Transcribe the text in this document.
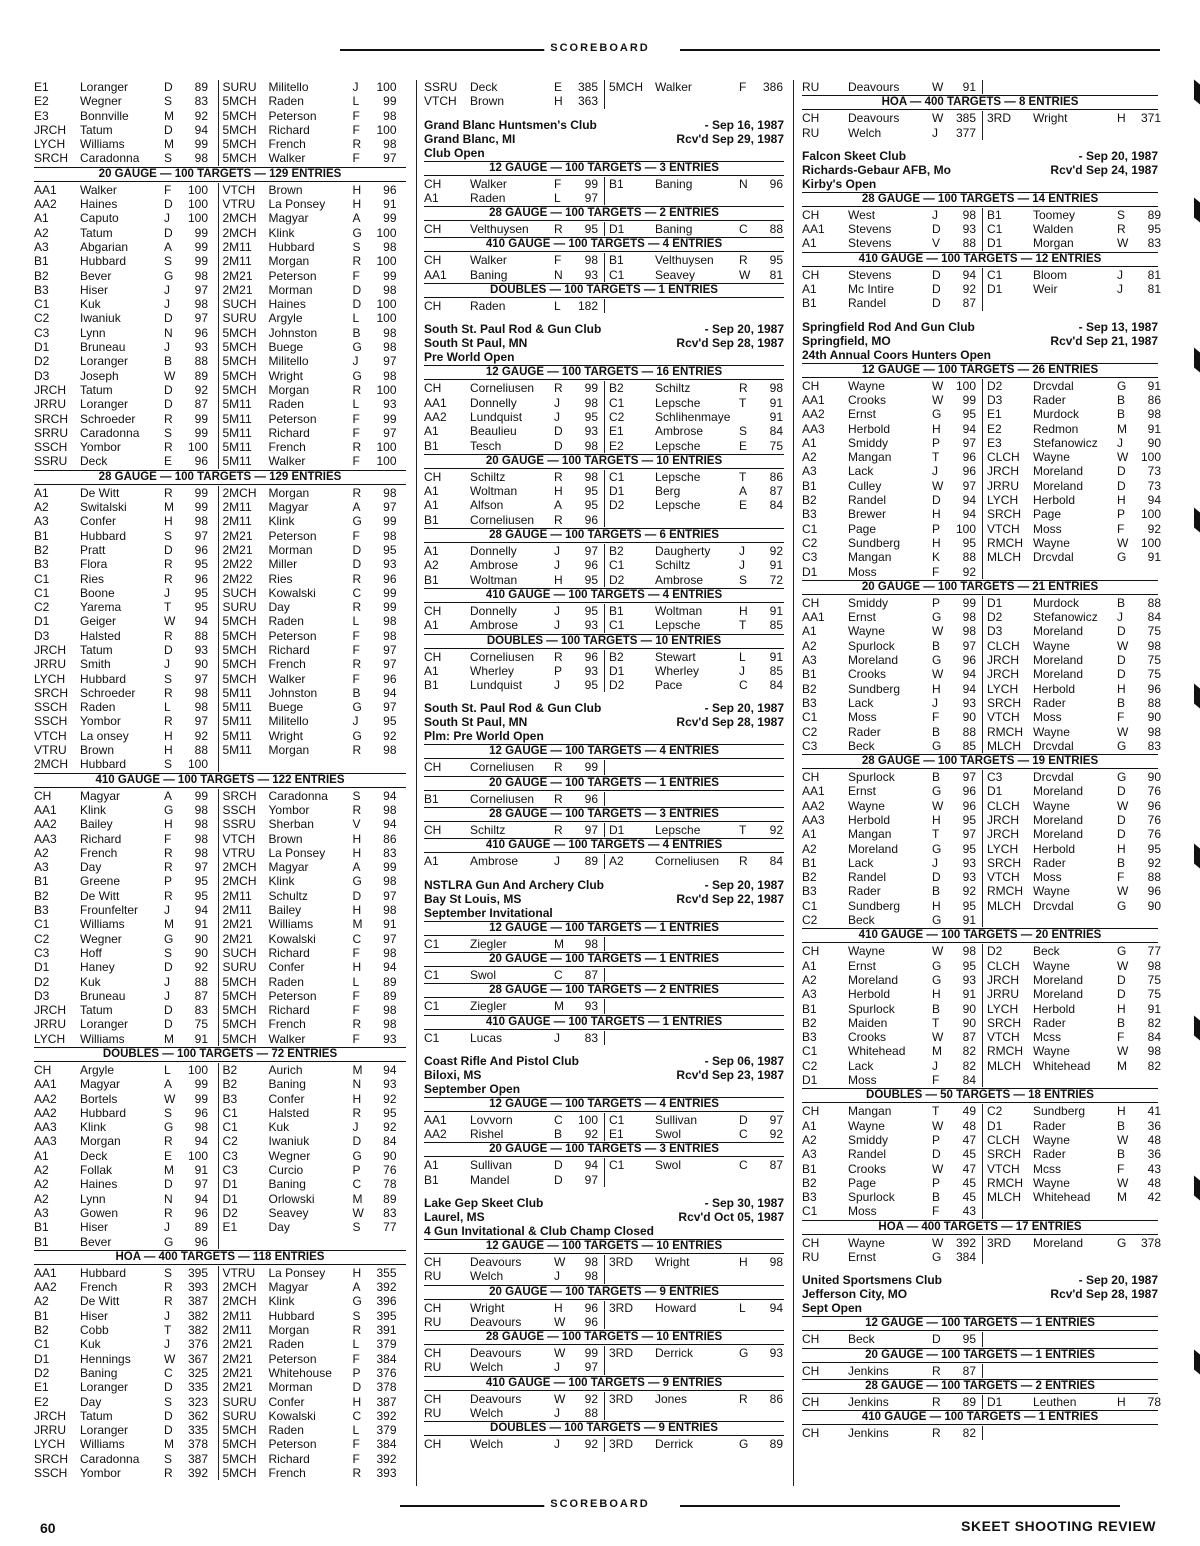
SCOREBOARD
E1	Loranger	D	89	SURU Militello	J	100
E2	Wegner	S	83	5MCH Raden	L	99
E3	Bonnville	M	92	5MCH Peterson	F	98
JRCH	Tatum	D	94	5MCH Richard	F	100
LYCH	Williams	M	99	5MCH French	R	98
SRCH Caradonna	S	98	5MCH Walker	F	97
20 GAUGE — 100 TARGETS — 129 ENTRIES
AA1	Walker	F	100	VTCH	Brown	H	96
AA2	Haines	D	100	VTRU	La Ponsey	H	91
A1	Caputo	J	100	2MCH Magyar	A	99
A2	Tatum	D	99	2MCH Klink	G	100
A3	Abgarian	A	99	2M11	Hubbard	S	98
B1	Hubbard	S	99	2M11	Morgan	R	100
B2	Bever	G	98	2M21	Peterson	F	99
B3	Hiser	J	97	2M21	Morman	D	98
C1	Kuk	J	98	SUCH Haines	D	100
C2	Iwaniuk	D	97	SURU Argyle	L	100
C3	Lynn	N	96	5MCH Johnston	B	98
D1	Bruneau	J	93	5MCH Buege	G	98
D2	Loranger	B	88	5MCH Militello	J	97
D3	Joseph	W	89	5MCH Wright	G	98
JRCH	Tatum	D	92	5MCH Morgan	R	100
JRRU	Loranger	D	87	5M11	Raden	L	93
SRCH Schroeder	R	99	5M11	Peterson	F	99
SRRU Caradonna	S	99	5M11	Richard	F	97
SSCH	Yombor	R	100	5M11	French	R	100
SSRU	Deck	E	96	5M11	Walker	F	100
28 GAUGE — 100 TARGETS — 129 ENTRIES
A1	De Witt	R	99	2MCH Morgan	R	98
A2	Switalski	M	99	2M11	Magyar	A	97
A3	Confer	H	98	2M11	Klink	G	99
B1	Hubbard	S	97	2M21	Peterson	F	98
B2	Pratt	D	96	2M21	Morman	D	95
B3	Flora	R	95	2M22	Miller	D	93
C1	Ries	R	96	2M22	Ries	R	96
C1	Boone	J	95	SUCH Kowalski	C	99
C2	Yarema	T	95	SURU Day	R	99
D1	Geiger	W	94	5MCH Raden	L	98
D3	Halsted	R	88	5MCH Peterson	F	98
JRCH	Tatum	D	93	5MCH Richard	F	97
JRRU	Smith	J	90	5MCH French	R	97
LYCH	Hubbard	S	97	5MCH Walker	F	96
SRCH Schroeder	R	98	5M11	Johnston	B	94
SSCH	Raden	L	98	5M11	Buege	G	97
SSCH	Yombor	R	97	5M11	Militello	J	95
VTCH	La onsey	H	92	5M11	Wright	G	92
VTRU	Brown	H	88	5M11	Morgan	R	98
2MCH Hubbard	S	100
410 GAUGE — 100 TARGETS — 122 ENTRIES
CH	Magyar	A	99	SRCH Caradonna	S	94
AA1	Klink	G	98	SSCH	Yombor	R	98
AA2	Bailey	H	98	SSRU	Sherban	V	94
AA3	Richard	F	98	VTCH	Brown	H	86
A2	French	R	98	VTRU	La Ponsey	H	83
A3	Day	R	97	2MCH Magyar	A	99
B1	Greene	P	95	2MCH Klink	G	98
B2	De Witt	R	95	2M11	Schultz	D	97
B3	Frounfelter	J	94	2M11	Bailey	H	98
C1	Williams	M	91	2M21	Williams	M	91
C2	Wegner	G	90	2M21	Kowalski	C	97
C3	Hoff	S	90	SUCH Richard	F	98
D1	Haney	D	92	SURU Confer	H	94
D2	Kuk	J	88	5MCH Raden	L	89
D3	Bruneau	J	87	5MCH Peterson	F	89
JRCH	Tatum	D	83	5MCH Richard	F	98
JRRU	Loranger	D	75	5MCH French	R	98
LYCH	Williams	M	91	5MCH Walker	F	93
DOUBLES — 100 TARGETS — 72 ENTRIES
CH	Argyle	L	100	B2	Aurich	M	94
AA1	Magyar	A	99	B2	Baning	N	93
AA2	Bortels	W	99	B3	Confer	H	92
AA2	Hubbard	S	96	C1	Halsted	R	95
AA3	Klink	G	98	C1	Kuk	J	92
AA3	Morgan	R	94	C2	Iwaniuk	D	84
A1	Deck	E	100	C3	Wegner	G	90
A2	Follak	M	91	C3	Curcio	P	76
A2	Haines	D	97	D1	Baning	C	78
A2	Lynn	N	94	D1	Orlowski	M	89
A3	Gowen	R	96	D2	Seavey	W	83
B1	Hiser	J	89	E1	Day	S	77
B1	Bever	G	96
HOA — 400 TARGETS — 118 ENTRIES
AA1	Hubbard	S	395	VTRU	La Ponsey	H	355
AA2	French	R	393	2MCH Magyar	A	392
A2	De Witt	R	387	2MCH Klink	G	396
B1	Hiser	J	382	2M11	Hubbard	S	395
B2	Cobb	T	382	2M11	Morgan	R	391
C1	Kuk	J	376	2M21	Raden	L	379
D1	Hennings	W	367	2M21	Peterson	F	384
D2	Baning	C	325	2M21	Whitehouse	P	376
E1	Loranger	D	335	2M21	Morman	D	378
E2	Day	S	323	SURU Confer	H	387
JRCH	Tatum	D	362	SURU Kowalski	C	392
JRRU	Loranger	D	335	5MCH Raden	L	379
LYCH	Williams	M	378	5MCH Peterson	F	384
SRCH Caradonna	S	387	5MCH Richard	F	392
SSCH	Yombor	R	392	5MCH French	R	393
SSRU	Deck	E	385 5MCH Walker	F	386
VTCH	Brown	H	363
Grand Blanc Huntsmen's Club	- Sep 16, 1987
Grand Blanc, MI	Rcv'd Sep 29, 1987
Club Open
12 GAUGE — 100 TARGETS — 3 ENTRIES
CH	Walker	F	99 B1	Baning	N	96
A1	Raden	L	97
28 GAUGE — 100 TARGETS — 2 ENTRIES
CH	Velthuysen	R	95 D1	Baning	C	88
410 GAUGE — 100 TARGETS — 4 ENTRIES
CH	Walker	F	98 B1	Velthuysen	R	95
AA1	Baning	N	93 C1	Seavey	W	81
DOUBLES — 100 TARGETS — 1 ENTRIES
CH	Raden	L	182
South St. Paul Rod & Gun Club	- Sep 20, 1987
South St Paul, MN	Rcv'd Sep 28, 1987
Pre World Open
12 GAUGE — 100 TARGETS — 16 ENTRIES
CH	Corneliusen	R	99 B2	Schiltz	R	98
AA1	Donnelly	J	98 C1	Lepsche	T	91
AA2	Lundquist	J	95 C2	Schlihenmaye	91
A1	Beaulieu	D	93 E1	Ambrose	S	84
B1	Tesch	D	98 E2	Lepsche	E	75
20 GAUGE — 100 TARGETS — 10 ENTRIES
CH	Schiltz	R	98 C1	Lepsche	T	86
A1	Woltman	H	95 D1	Berg	A	87
A1	Alfson	A	95 D2	Lepsche	E	84
B1	Corneliusen	R	96
28 GAUGE — 100 TARGETS — 6 ENTRIES
A1	Donnelly	J	97 B2	Daugherty	J	92
A2	Ambrose	J	96 C1	Schiltz	J	91
B1	Woltman	H	95 D2	Ambrose	S	72
410 GAUGE — 100 TARGETS — 4 ENTRIES
CH	Donnelly	J	95 B1	Woltman	H	91
A1	Ambrose	J	93 C1	Lepsche	T	85
DOUBLES — 100 TARGETS — 10 ENTRIES
CH	Corneliusen	R	96 B2	Stewart	L	91
A1	Wherley	P	93 D1	Wherley	J	85
B1	Lundquist	J	95 D2	Pace	C	84
South St. Paul Rod & Gun Club	- Sep 20, 1987
South St Paul, MN	Rcv'd Sep 28, 1987
Plm: Pre World Open
12 GAUGE — 100 TARGETS — 4 ENTRIES
CH	Corneliusen	R	99
20 GAUGE — 100 TARGETS — 1 ENTRIES
B1	Corneliusen	R	96
28 GAUGE — 100 TARGETS — 3 ENTRIES
CH	Schiltz	R	97 D1	Lepsche	T	92
410 GAUGE — 100 TARGETS — 4 ENTRIES
A1	Ambrose	J	89 A2	Corneliusen	R	84
NSTLRA Gun And Archery Club	- Sep 20, 1987
Bay St Louis, MS	Rcv'd Sep 22, 1987
September Invitational
12 GAUGE — 100 TARGETS — 1 ENTRIES
C1	Ziegler	M	98
20 GAUGE — 100 TARGETS — 1 ENTRIES
C1	Swol	C	87
28 GAUGE — 100 TARGETS — 2 ENTRIES
C1	Ziegler	M	93
410 GAUGE — 100 TARGETS — 1 ENTRIES
C1	Lucas	J	83
Coast Rifle And Pistol Club	- Sep 06, 1987
Biloxi, MS	Rcv'd Sep 23, 1987
September Open
12 GAUGE — 100 TARGETS — 4 ENTRIES
AA1	Lovvorn	C	100 C1	Sullivan	D	97
AA2	Rishel	B	92 E1	Swol	C	92
20 GAUGE — 100 TARGETS — 3 ENTRIES
A1	Sullivan	D	94 C1	Swol	C	87
B1	Mandel	D	97
Lake Gep Skeet Club	- Sep 30, 1987
Laurel, MS	Rcv'd Oct 05, 1987
4 Gun Invitational & Club Champ Closed
12 GAUGE — 100 TARGETS — 10 ENTRIES
CH	Deavours	W	98 3RD	Wright	H	98
RU	Welch	J	98
20 GAUGE — 100 TARGETS — 9 ENTRIES
CH	Wright	H	96 3RD	Howard	L	94
RU	Deavours	W	96
28 GAUGE — 100 TARGETS — 10 ENTRIES
CH	Deavours	W	99 3RD	Derrick	G	93
RU	Welch	J	97
410 GAUGE — 100 TARGETS — 9 ENTRIES
CH	Deavours	W	92 3RD	Jones	R	86
RU	Welch	J	88
DOUBLES — 100 TARGETS — 9 ENTRIES
CH	Welch	J	92 3RD	Derrick	G	89
RU	Deavours	W	91
HOA — 400 TARGETS — 8 ENTRIES
CH	Deavours	W	385 3RD	Wright	H	371
RU	Welch	J	377
Falcon Skeet Club	- Sep 20, 1987
Richards-Gebaur AFB, Mo	Rcv'd Sep 24, 1987
Kirby's Open
28 GAUGE — 100 TARGETS — 14 ENTRIES
CH	West	J	98 B1	Toomey	S	89
AA1	Stevens	D	93 C1	Walden	R	95
A1	Stevens	V	88 D1	Morgan	W	83
410 GAUGE — 100 TARGETS — 12 ENTRIES
CH	Stevens	D	94 C1	Bloom	J	81
A1	Mc Intire	D	92 D1	Weir	J	81
B1	Randel	D	87
Springfield Rod And Gun Club	- Sep 13, 1987
Springfield, MO	Rcv'd Sep 21, 1987
24th Annual Coors Hunters Open
12 GAUGE — 100 TARGETS — 26 ENTRIES
CH	Wayne	W	100 D2	Drcvdal	G	91
AA1	Crooks	W	99 D3	Rader	B	86
AA2	Ernst	G	95 E1	Murdock	B	98
AA3	Herbold	H	94 E2	Redmon	M	91
A1	Smiddy	P	97 E3	Stefanowicz	J	90
A2	Mangan	T	96 CLCH	Wayne	W	100
A3	Lack	J	96 JRCH	Moreland	D	73
B1	Culley	W	97 JRRU	Moreland	D	73
B2	Randel	D	94 LYCH	Herbold	H	94
B3	Brewer	H	94 SRCH Page	P	100
C1	Page	P	100 VTCH	Moss	F	92
C2	Sundberg	H	95 RMCH Wayne	W	100
C3	Mangan	K	88 MLCH Drcvdal	G	91
D1	Moss	F	92
20 GAUGE — 100 TARGETS — 21 ENTRIES
CH	Smiddy	P	99 D1	Murdock	B	88
AA1	Ernst	G	98 D2	Stefanowicz	J	84
A1	Wayne	W	98 D3	Moreland	D	75
A2	Spurlock	B	97 CLCH	Wayne	W	98
A3	Moreland	G	96 JRCH	Moreland	D	75
B1	Crooks	W	94 JRCH	Moreland	D	75
B2	Sundberg	H	94 LYCH	Herbold	H	96
B3	Lack	J	93 SRCH Rader	B	88
C1	Moss	F	90 VTCH	Moss	F	90
C2	Rader	B	88 RMCH Wayne	W	98
C3	Beck	G	85 MLCH Drcvdal	G	83
28 GAUGE — 100 TARGETS — 19 ENTRIES
CH	Spurlock	B	97 C3	Drcvdal	G	90
AA1	Ernst	G	96 D1	Moreland	D	76
AA2	Wayne	W	96 CLCH	Wayne	W	96
AA3	Herbold	H	95 JRCH	Moreland	D	76
A1	Mangan	T	97 JRCH	Moreland	D	76
A2	Moreland	G	95 LYCH	Herbold	H	95
B1	Lack	J	93 SRCH Rader	B	92
B2	Randel	D	93 VTCH	Moss	F	88
B3	Rader	B	92 RMCH Wayne	W	96
C1	Sundberg	H	95 MLCH Drcvdal	G	90
C2	Beck	G	91
410 GAUGE — 100 TARGETS — 20 ENTRIES
CH	Wayne	W	98 D2	Beck	G	77
A1	Ernst	G	95 CLCH	Wayne	W	98
A2	Moreland	G	93 JRCH	Moreland	D	75
A3	Herbold	H	91 JRRU	Moreland	D	75
B1	Spurlock	B	90 LYCH	Herbold	H	91
B2	Maiden	T	90 SRCH Rader	B	82
B3	Crooks	W	87 VTCH	Mcss	F	84
C1	Whitehead	M	82 RMCH Wayne	W	98
C2	Lack	J	82 MLCH Whitehead	M	82
D1	Moss	F	84
DOUBLES — 50 TARGETS — 18 ENTRIES
CH	Mangan	T	49 C2	Sundberg	H	41
A1	Wayne	W	48 D1	Rader	B	36
A2	Smiddy	P	47 CLCH	Wayne	W	48
A3	Randel	D	45 SRCH Rader	B	36
B1	Crooks	W	47 VTCH	Mcss	F	43
B2	Page	P	45 RMCH Wayne	W	48
B3	Spurlock	B	45 MLCH Whitehead	M	42
C1	Moss	F	43
HOA — 400 TARGETS — 17 ENTRIES
CH	Wayne	W	392 3RD	Moreland	G	378
RU	Ernst	G	384
United Sportsmens Club	- Sep 20, 1987
Jefferson City, MO	Rcv'd Sep 28, 1987
Sept Open
12 GAUGE — 100 TARGETS — 1 ENTRIES
CH	Beck	D	95
20 GAUGE — 100 TARGETS — 1 ENTRIES
CH	Jenkins	R	87
28 GAUGE — 100 TARGETS — 2 ENTRIES
CH	Jenkins	R	89 D1	Leuthen	H	78
410 GAUGE — 100 TARGETS — 1 ENTRIES
CH	Jenkins	R	82
SCOREBOARD
60	SKEET SHOOTING REVIEW
